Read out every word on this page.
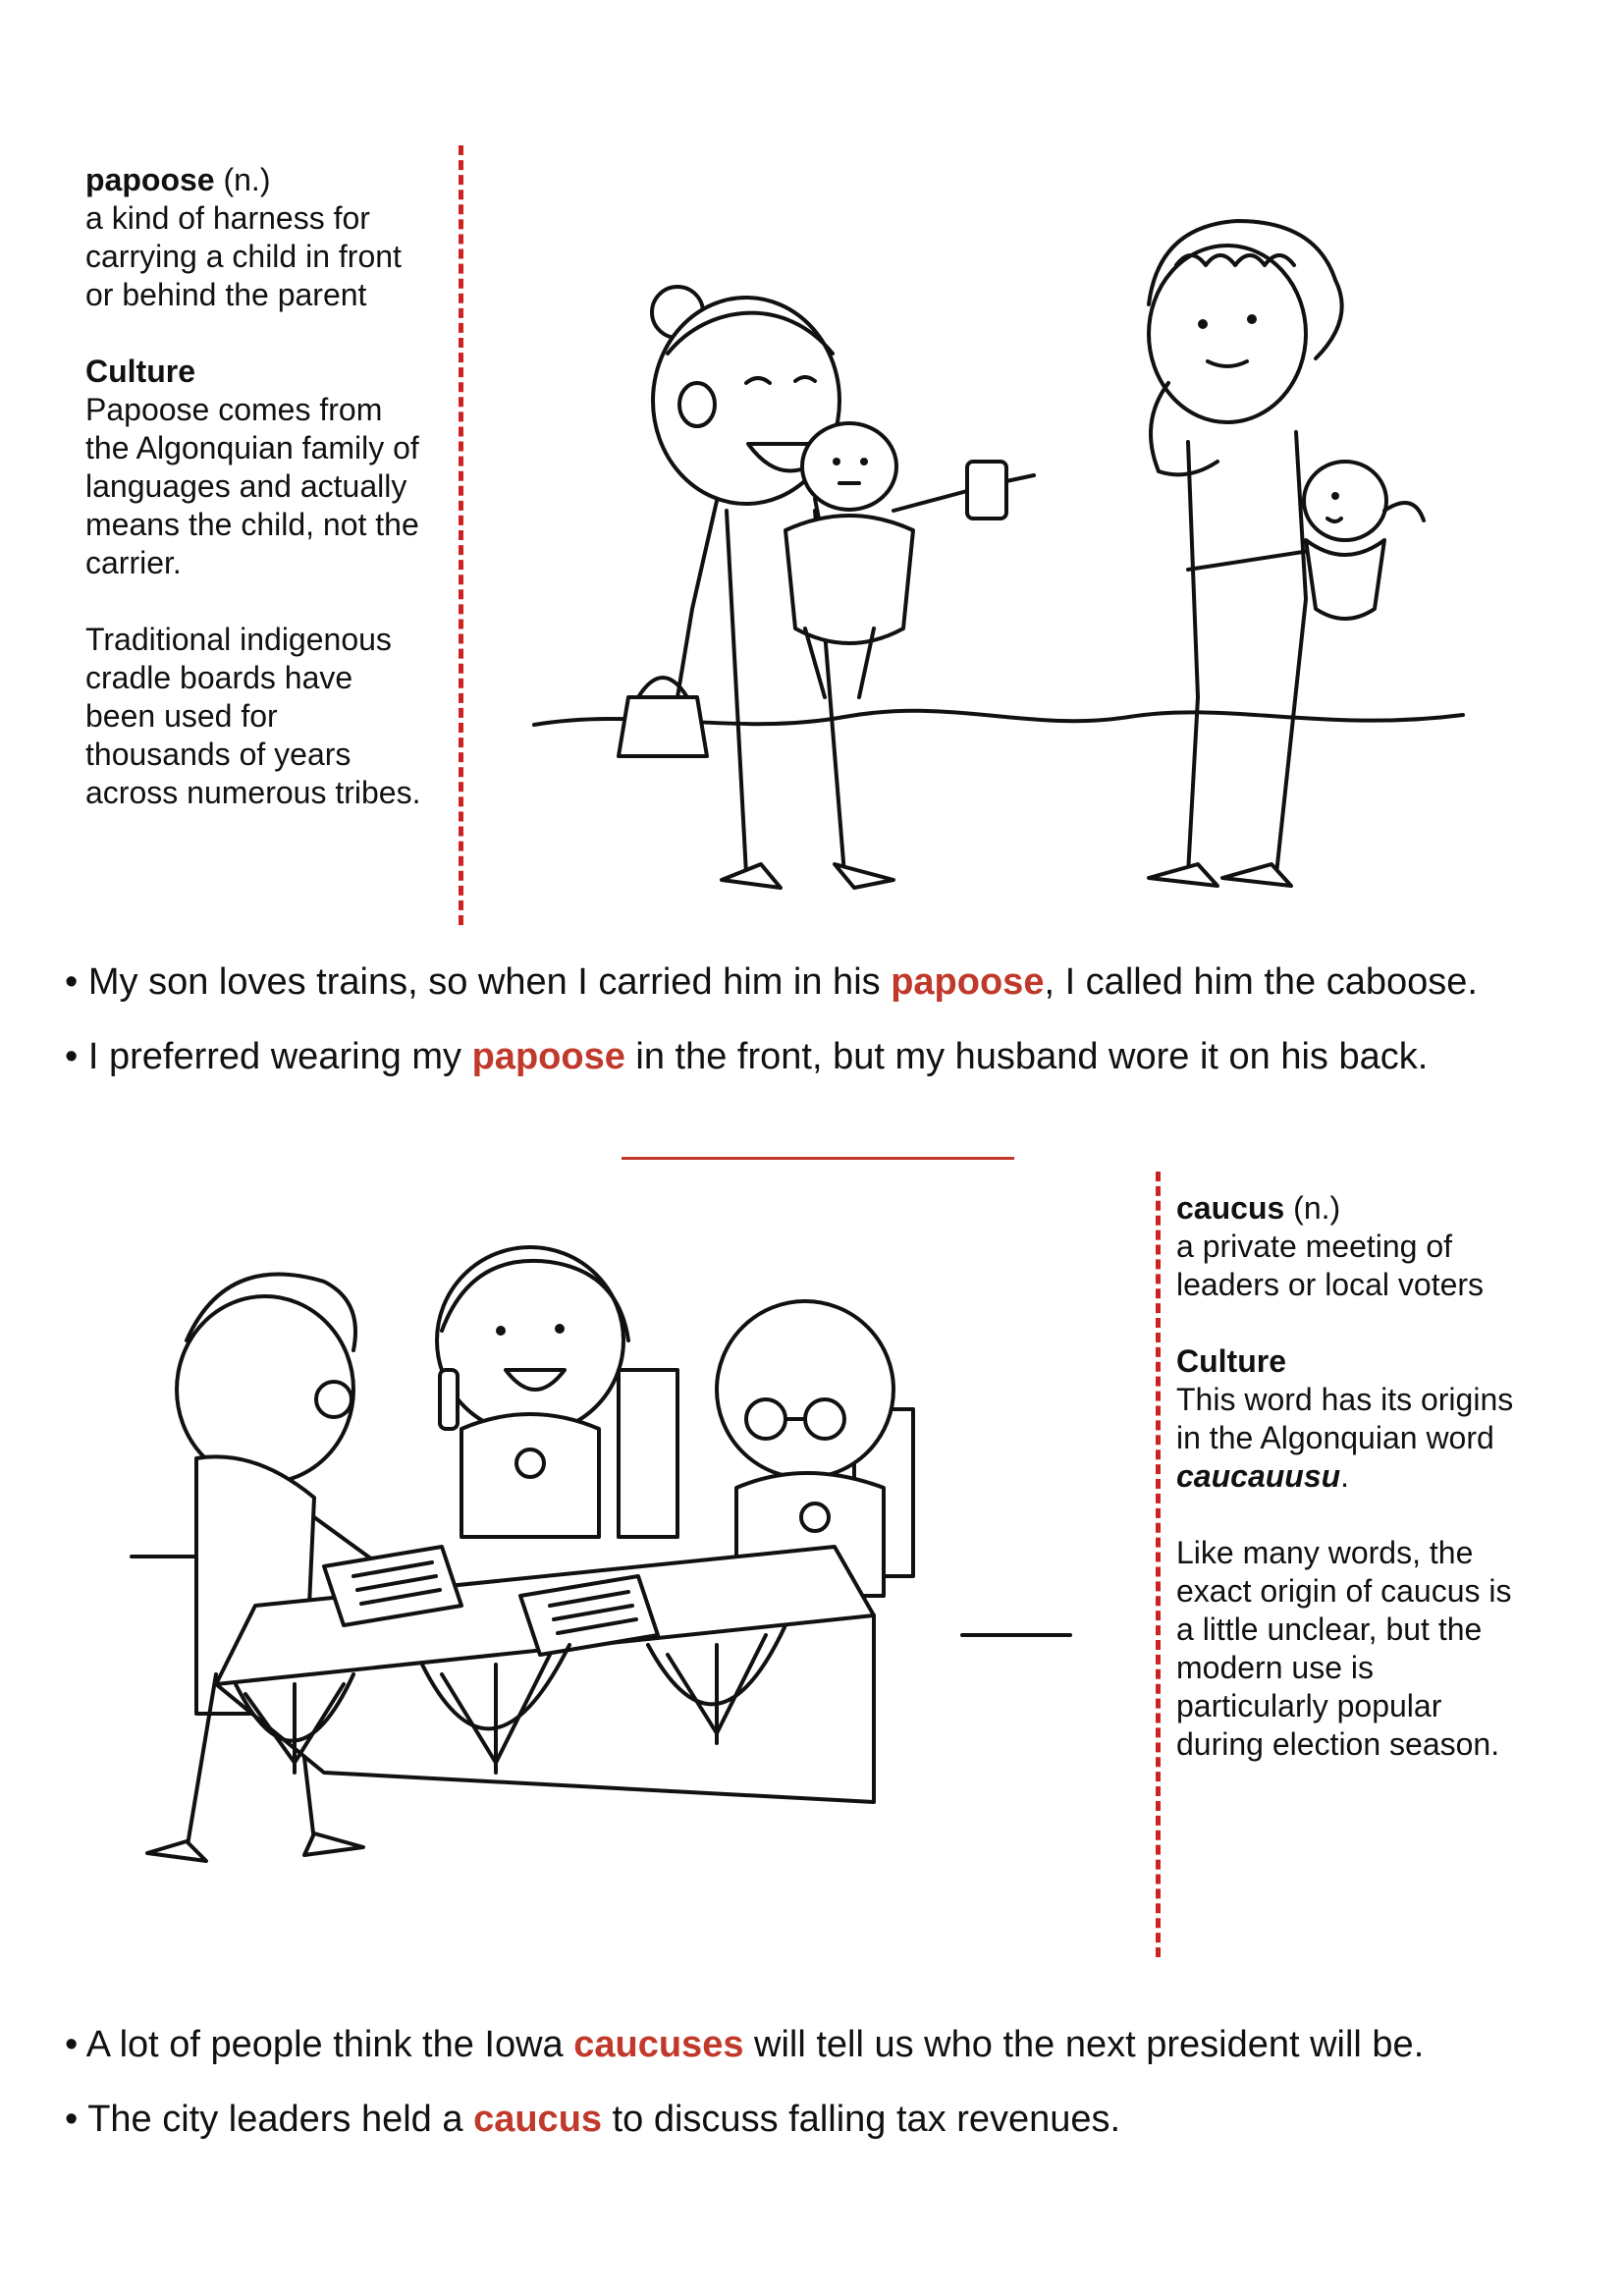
papoose (n.)
a kind of harness for
carrying a child in front
or behind the parent
Culture
Papoose comes from
the Algonquian family of
languages and actually
means the child, not the
carrier.
Traditional indigenous
cradle boards have
been used for
thousands of years
across numerous tribes.
• My son loves trains, so when I carried him in his papoose, I called him the caboose.
• I preferred wearing my papoose in the front, but my husband wore it on his back.
caucus (n.)
a private meeting of
leaders or local voters
Culture
This word has its origins
in the Algonquian word
caucauusu.
Like many words, the
exact origin of caucus is
a little unclear, but the
modern use is
particularly popular
during election season.
• A lot of people think the Iowa caucuses will tell us who the next president will be.
• The city leaders held a caucus to discuss falling tax revenues.
